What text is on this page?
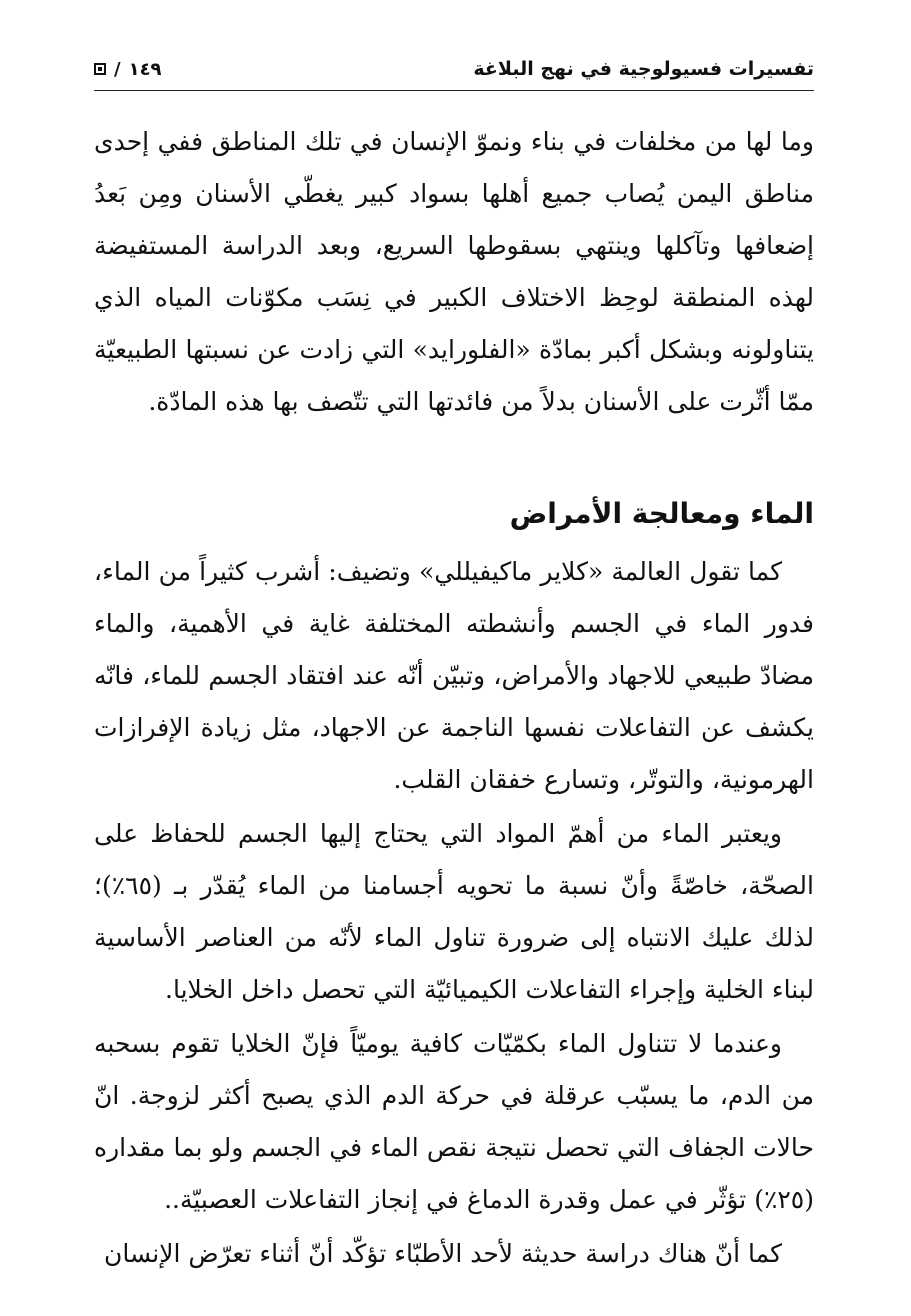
تفسيرات فسيولوجية في نهج البلاغة
/ ١٤٩

وما لها من مخلفات في بناء ونموّ الإنسان في تلك المناطق ففي إحدى مناطق اليمن يُصاب جميع أهلها بسواد كبير يغطّي الأسنان ومِن بَعدُ إضعافها وتآكلها وينتهي بسقوطها السريع، وبعد الدراسة المستفيضة لهذه المنطقة لوحِظ الاختلاف الكبير في نِسَب مكوّنات المياه الذي يتناولونه وبشكل أكبر بمادّة «الفلورايد» التي زادت عن نسبتها الطبيعيّة ممّا أثّرت على الأسنان بدلاً من فائدتها التي تتّصف بها هذه المادّة.

الماء ومعالجة الأمراض

كما تقول العالمة «كلاير ماكيفيللي» وتضيف: أشرب كثيراً من الماء، فدور الماء في الجسم وأنشطته المختلفة غاية في الأهمية، والماء مضادّ طبيعي للاجهاد والأمراض، وتبيّن أنّه عند افتقاد الجسم للماء، فانّه يكشف عن التفاعلات نفسها الناجمة عن الاجهاد، مثل زيادة الإفرازات الهرمونية، والتوتّر، وتسارع خفقان القلب.

ويعتبر الماء من أهمّ المواد التي يحتاج إليها الجسم للحفاظ على الصحّة، خاصّةً وأنّ نسبة ما تحويه أجسامنا من الماء يُقدّر بـ (٦٥٪)؛ لذلك عليك الانتباه إلى ضرورة تناول الماء لأنّه من العناصر الأساسية لبناء الخلية وإجراء التفاعلات الكيميائيّة التي تحصل داخل الخلايا.

وعندما لا تتناول الماء بكمّيّات كافية يوميّاً فإنّ الخلايا تقوم بسحبه من الدم، ما يسبّب عرقلة في حركة الدم الذي يصبح أكثر لزوجة. انّ حالات الجفاف التي تحصل نتيجة نقص الماء في الجسم ولو بما مقداره (٢٥٪) تؤثّر في عمل وقدرة الدماغ في إنجاز التفاعلات العصبيّة..

كما أنّ هناك دراسة حديثة لأحد الأطبّاء تؤكّد أنّ أثناء تعرّض الإنسان
